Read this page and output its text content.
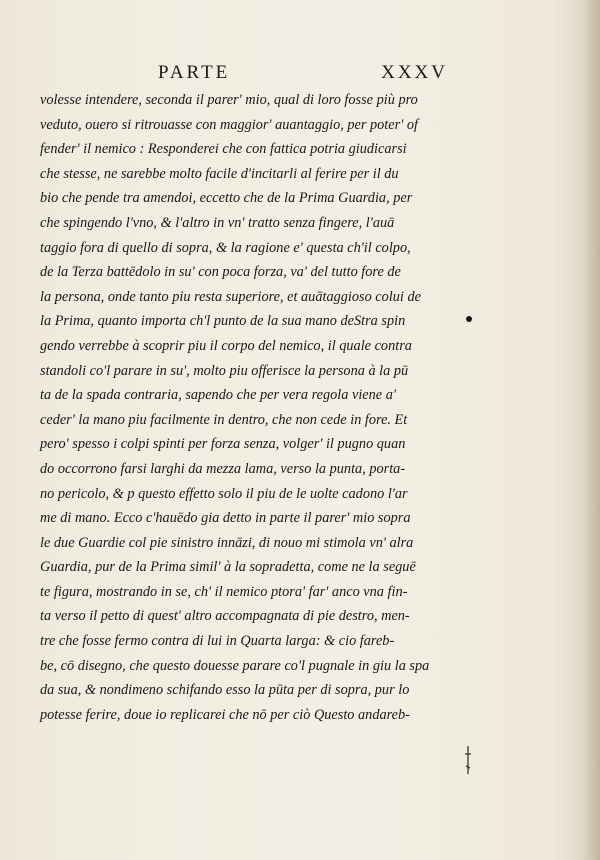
PARTE	XXXV
volesse intendere, seconda il parer' mio, qual di loro fosse più pro
veduto, ouero si ritrouasse con maggior' auantaggio, per poter' of
fender' il nemico : Responderei che con fattica potria giudicarsi
che stesse, ne sarebbe molto facile d'incitarli al ferire per il du
bio che pende tra amendoi, eccetto che de la Prima Guardia, per
che spingendo l'vno, & l'altro in vn' tratto senza fingere, l'auā
taggio fora di quello di sopra, & la ragione e' questa ch'il colpo,
de la Terza battēdolo in su' con poca forza, va' del tutto fore de
la persona, onde tanto piu resta superiore, et auātaggioso colui de
la Prima, quanto importa ch'l punto de la sua mano deStra spin
gendo verrebbe à scoprir piu il corpo del nemico, il quale contra
standoli co'l parare in su', molto piu offerisce la persona à la pū
ta de la spada contraria, sapendo che per vera regola viene a'
ceder' la mano piu facilmente in dentro, che non cede in fore. Et
pero' spesso i colpi spinti per forza senza, volger' il pugno quan
do occorrono farsi larghi da mezza lama, verso la punta, porta-
no pericolo, & p questo effetto solo il piu de le uolte cadono l'ar
me di mano. Ecco c'hauēdo gia detto in parte il parer' mio sopra
le due Guardie col pie sinistro innāzi, di nouo mi stimola vn' alra
Guardia, pur de la Prima simil' à la sopradetta, come ne la seguē
te figura, mostrando in se, ch' il nemico ptora' far' anco vna fin-
ta verso il petto di quest' altro accompagnata di pie destro, men-
tre che fosse fermo contra di lui in Quarta larga: & cio fareb-
be, cō disegno, che questo douesse parare co'l pugnale in giu la spa
da sua, & nondimeno schifando esso la pūta per di sopra, pur lo
potesse ferire, doue io replicarei che nō per ciò Questo andareb-
